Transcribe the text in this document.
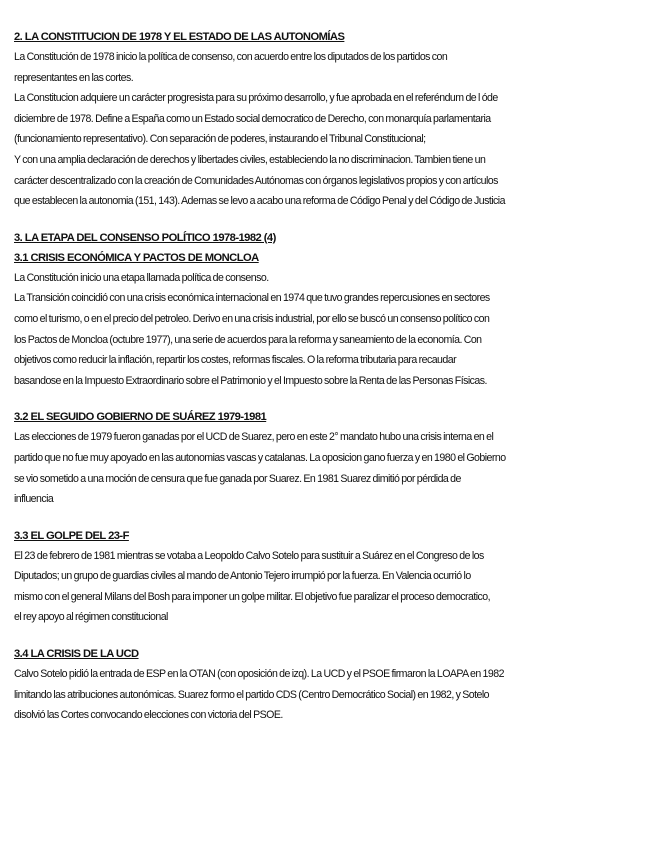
2. LA CONSTITUCION DE 1978 Y EL ESTADO DE LAS AUTONOMÍAS
La Constitución de 1978 inicio la política de consenso, con acuerdo entre los diputados de los partidos con
representantes en las cortes.
La Constitucion adquiere un carácter progresista para su próximo desarrollo, y fue aprobada en el referéndum de l óde
diciembre de 1978. Define a España como un Estado social democratico de Derecho, con monarquía parlamentaria
(funcionamiento representativo). Con separación de poderes, instaurando el Tribunal Constitucional;
Y con una amplia declaración de derechos y libertades civiles, estableciendo la no discriminacion. Tambien tiene un
carácter descentralizado con la creación de Comunidades Autónomas con órganos legislativos propios y con artículos
que establecen la autonomia (151, 143). Ademas se levo a acabo una reforma de Código Penal y del Código de Justicia
3. LA ETAPA DEL CONSENSO POLÍTICO 1978-1982 (4)
3.1 CRISIS ECONÓMICA Y PACTOS DE MONCLOA
La Constitución inicio una etapa llamada política de consenso.
La Transición coincidió con una crisis económica internacional en 1974 que tuvo grandes repercusiones en sectores
como el turismo, o en el precio del petroleo. Derivo en una crisis industrial, por ello se buscó un consenso político con
los Pactos de Moncloa (octubre 1977), una serie de acuerdos para la reforma y saneamiento de la economía. Con
objetivos como reducir la inflación, repartir los costes, reformas fiscales. O la reforma tributaria para recaudar
basandose en la Impuesto Extraordinario sobre el Patrimonio y el Impuesto sobre la Renta de las Personas Físicas.
3.2 EL SEGUIDO GOBIERNO DE SUÁREZ 1979-1981
Las elecciones de 1979 fueron ganadas por el UCD de Suarez, pero en este 2° mandato hubo una crisis interna en el
partido que no fue muy apoyado en las autonomias vascas y catalanas. La oposicion gano fuerza y en 1980 el Gobierno
se vio sometido a una moción de censura que fue ganada por Suarez. En 1981 Suarez dimitió por pérdida de
influencia
3.3 EL GOLPE DEL 23-F
El 23 de febrero de 1981 mientras se votaba a Leopoldo Calvo Sotelo para sustituir a Suárez en el Congreso de los
Diputados; un grupo de guardias civiles al mando de Antonio Tejero irrumpió por la fuerza. En Valencia ocurrió lo
mismo con el general Milans del Bosh para imponer un golpe militar. El objetivo fue paralizar el proceso democratico,
el rey apoyo al régimen constitucional
3.4 LA CRISIS DE LA UCD
Calvo Sotelo pidió la entrada de ESP en la OTAN (con oposición de izq). La UCD y el PSOE firmaron la LOAPA en 1982
limitando las atribuciones autonómicas. Suarez formo el partido CDS (Centro Democrático Social) en 1982, y Sotelo
disolvió las Cortes convocando elecciones con victoria del PSOE.
